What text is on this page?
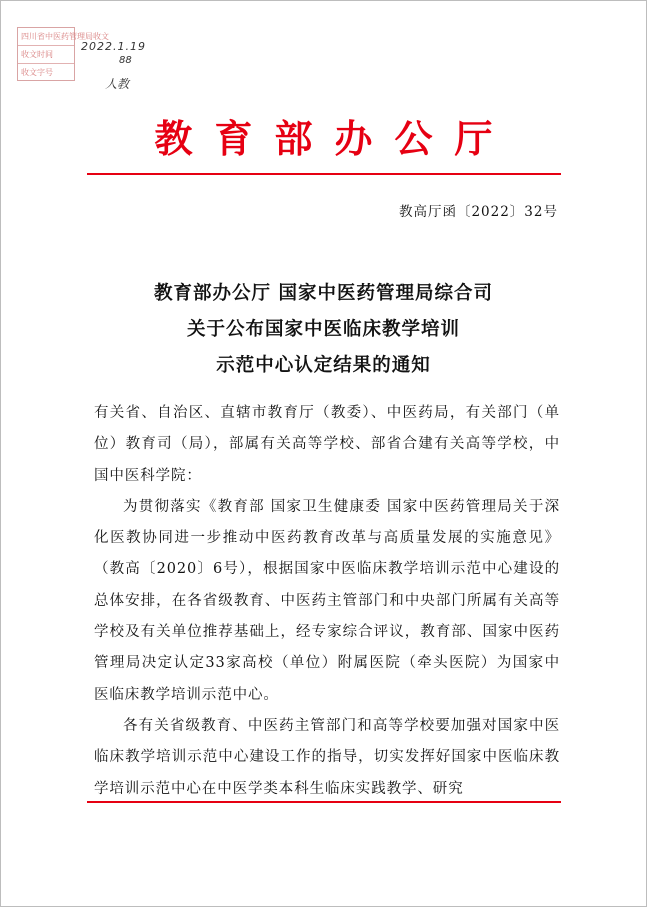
四川省中医药管理局收文
收文时间
收文字号
2022.1.19
88
人教
教育部办公厅
教高厅函〔2022〕32号
教育部办公厅 国家中医药管理局综合司
关于公布国家中医临床教学培训
示范中心认定结果的通知

有关省、自治区、直辖市教育厅（教委）、中医药局，有关部门（单位）教育司（局），部属有关高等学校、部省合建有关高等学校，中国中医科学院：

为贯彻落实《教育部 国家卫生健康委 国家中医药管理局关于深化医教协同进一步推动中医药教育改革与高质量发展的实施意见》（教高〔2020〕6号），根据国家中医临床教学培训示范中心建设的总体安排，在各省级教育、中医药主管部门和中央部门所属有关高等学校及有关单位推荐基础上，经专家综合评议，教育部、国家中医药管理局决定认定33家高校（单位）附属医院（牵头医院）为国家中医临床教学培训示范中心。

各有关省级教育、中医药主管部门和高等学校要加强对国家中医临床教学培训示范中心建设工作的指导，切实发挥好国家中医临床教学培训示范中心在中医学类本科生临床实践教学、研究
